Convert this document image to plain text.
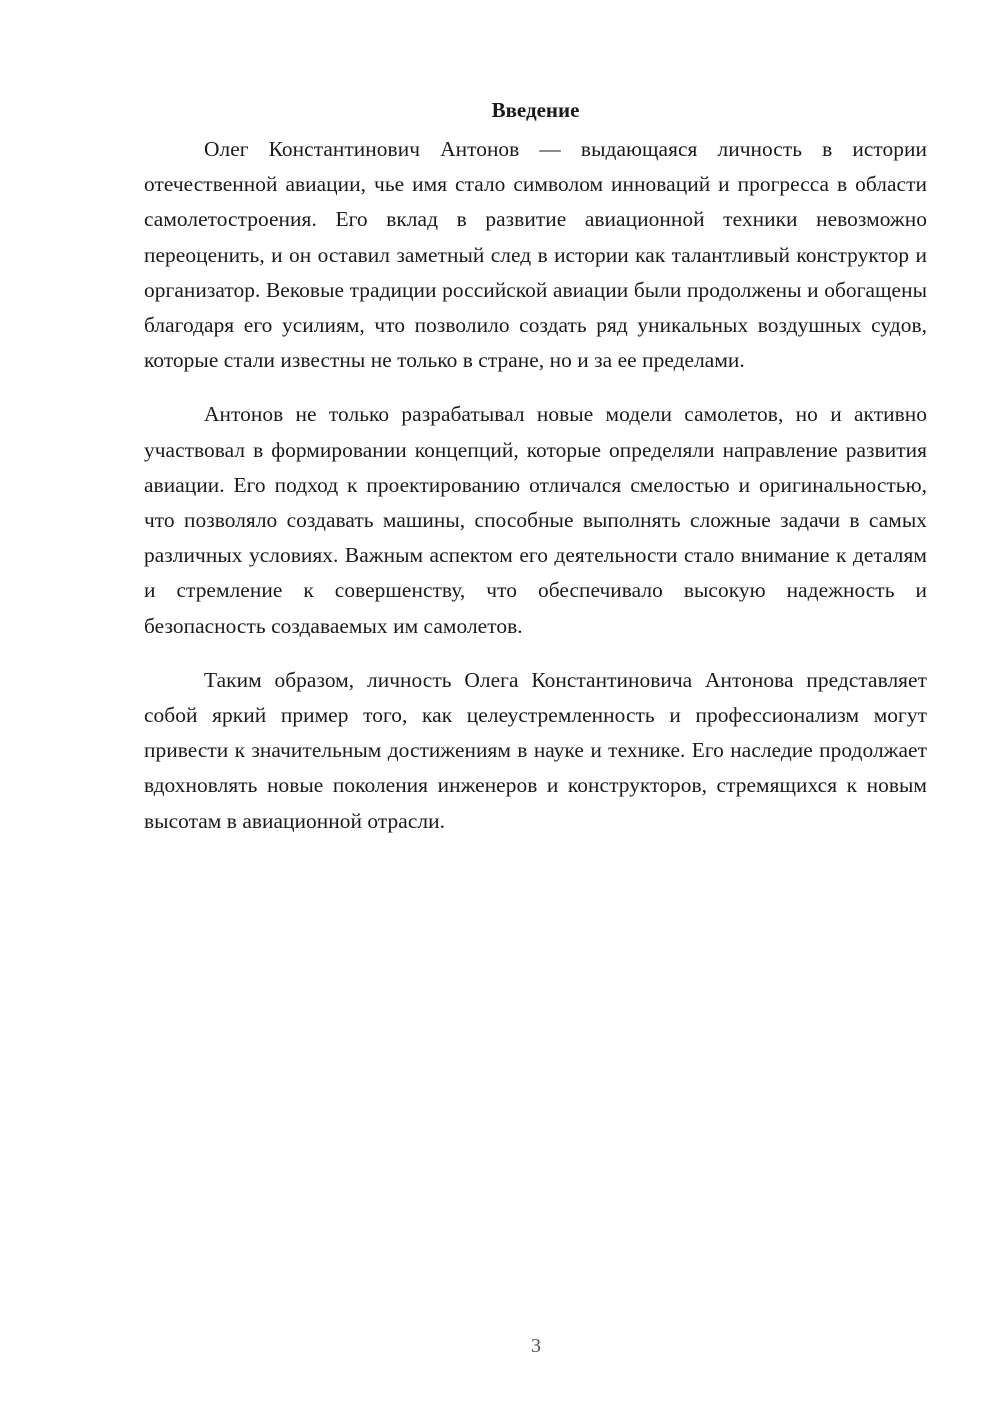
Введение

Олег Константинович Антонов — выдающаяся личность в истории отечественной авиации, чье имя стало символом инноваций и прогресса в области самолетостроения. Его вклад в развитие авиационной техники невозможно переоценить, и он оставил заметный след в истории как талантливый конструктор и организатор. Вековые традиции российской авиации были продолжены и обогащены благодаря его усилиям, что позволило создать ряд уникальных воздушных судов, которые стали известны не только в стране, но и за ее пределами.

Антонов не только разрабатывал новые модели самолетов, но и активно участвовал в формировании концепций, которые определяли направление развития авиации. Его подход к проектированию отличался смелостью и оригинальностью, что позволяло создавать машины, способные выполнять сложные задачи в самых различных условиях. Важным аспектом его деятельности стало внимание к деталям и стремление к совершенству, что обеспечивало высокую надежность и безопасность создаваемых им самолетов.

Таким образом, личность Олега Константиновича Антонова представляет собой яркий пример того, как целеустремленность и профессионализм могут привести к значительным достижениям в науке и технике. Его наследие продолжает вдохновлять новые поколения инженеров и конструкторов, стремящихся к новым высотам в авиационной отрасли.

3
